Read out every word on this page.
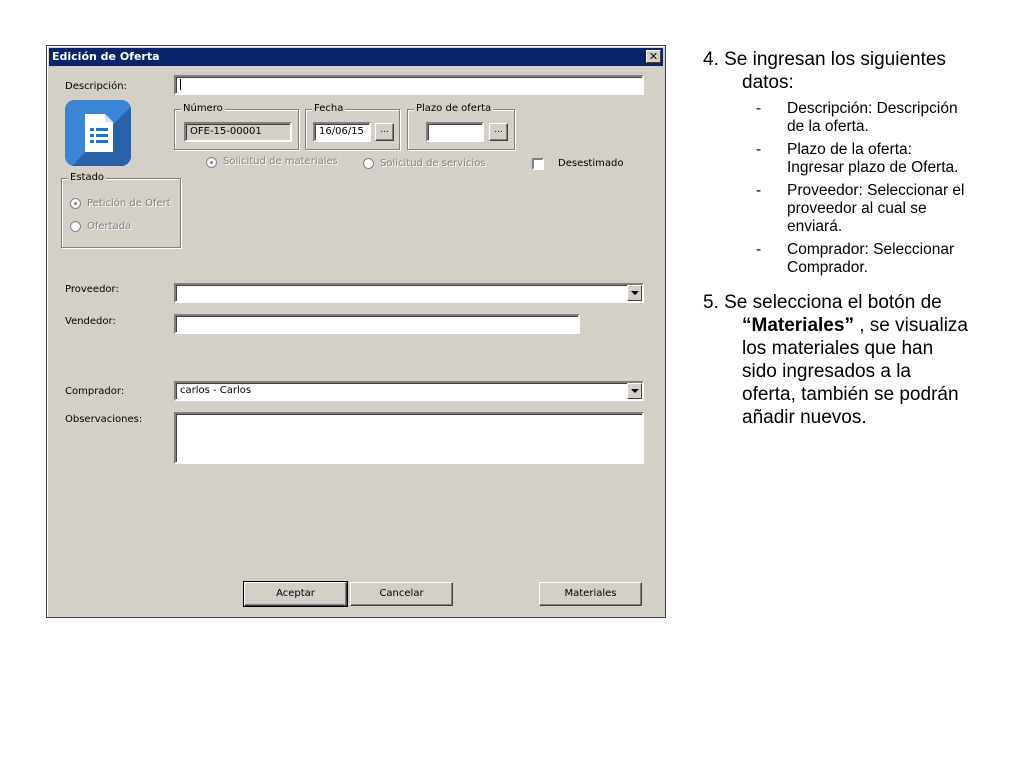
Edición de Oferta	✕
Descripción:
Número
OFE-15-00001
Fecha
16/06/15	...
Plazo de oferta
...
Solicitud de materiales	Solicitud de servicios	Desestimado
Estado
Petición de Ofert
Ofertada
Proveedor:
Vendedor:
Comprador:	carlos - Carlos
Observaciones:
Aceptar	Cancelar	Materiales
4. Se ingresan los siguientes
datos:
- Descripción: Descripción
de la oferta.
- Plazo de la oferta:
Ingresar plazo de Oferta.
- Proveedor: Seleccionar el
proveedor al cual se
enviará.
- Comprador: Seleccionar
Comprador.
5. Se selecciona el botón de
“Materiales” , se visualiza
los materiales que han
sido ingresados a la
oferta, también se podrán
añadir nuevos.
